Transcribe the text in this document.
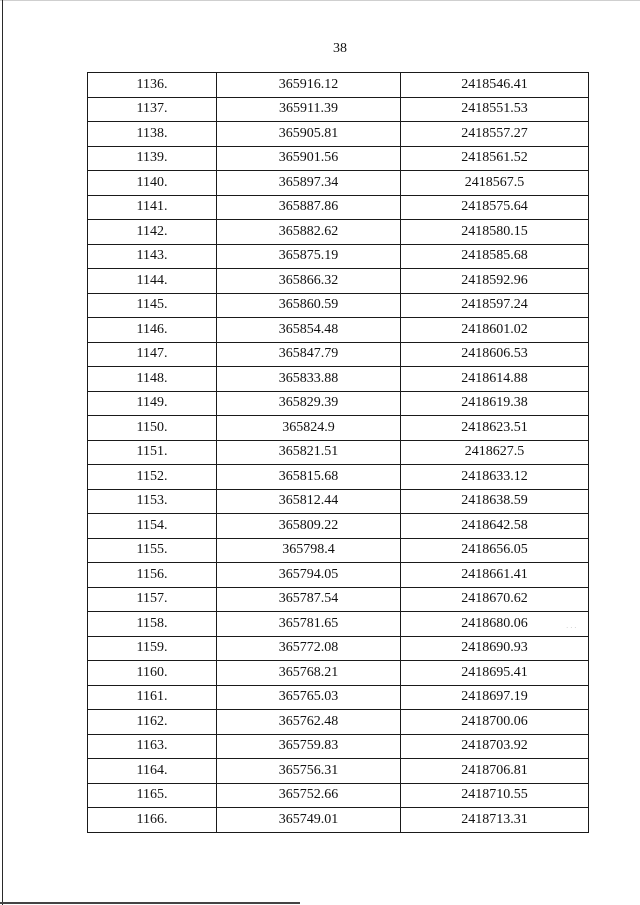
38
1136.	365916.12	2418546.41
1137.	365911.39	2418551.53
1138.	365905.81	2418557.27
1139.	365901.56	2418561.52
1140.	365897.34	2418567.5
1141.	365887.86	2418575.64
1142.	365882.62	2418580.15
1143.	365875.19	2418585.68
1144.	365866.32	2418592.96
1145.	365860.59	2418597.24
1146.	365854.48	2418601.02
1147.	365847.79	2418606.53
1148.	365833.88	2418614.88
1149.	365829.39	2418619.38
1150.	365824.9	2418623.51
1151.	365821.51	2418627.5
1152.	365815.68	2418633.12
1153.	365812.44	2418638.59
1154.	365809.22	2418642.58
1155.	365798.4	2418656.05
1156.	365794.05	2418661.41
1157.	365787.54	2418670.62
1158.	365781.65	2418680.06
1159.	365772.08	2418690.93
1160.	365768.21	2418695.41
1161.	365765.03	2418697.19
1162.	365762.48	2418700.06
1163.	365759.83	2418703.92
1164.	365756.31	2418706.81
1165.	365752.66	2418710.55
1166.	365749.01	2418713.31
· · ·
